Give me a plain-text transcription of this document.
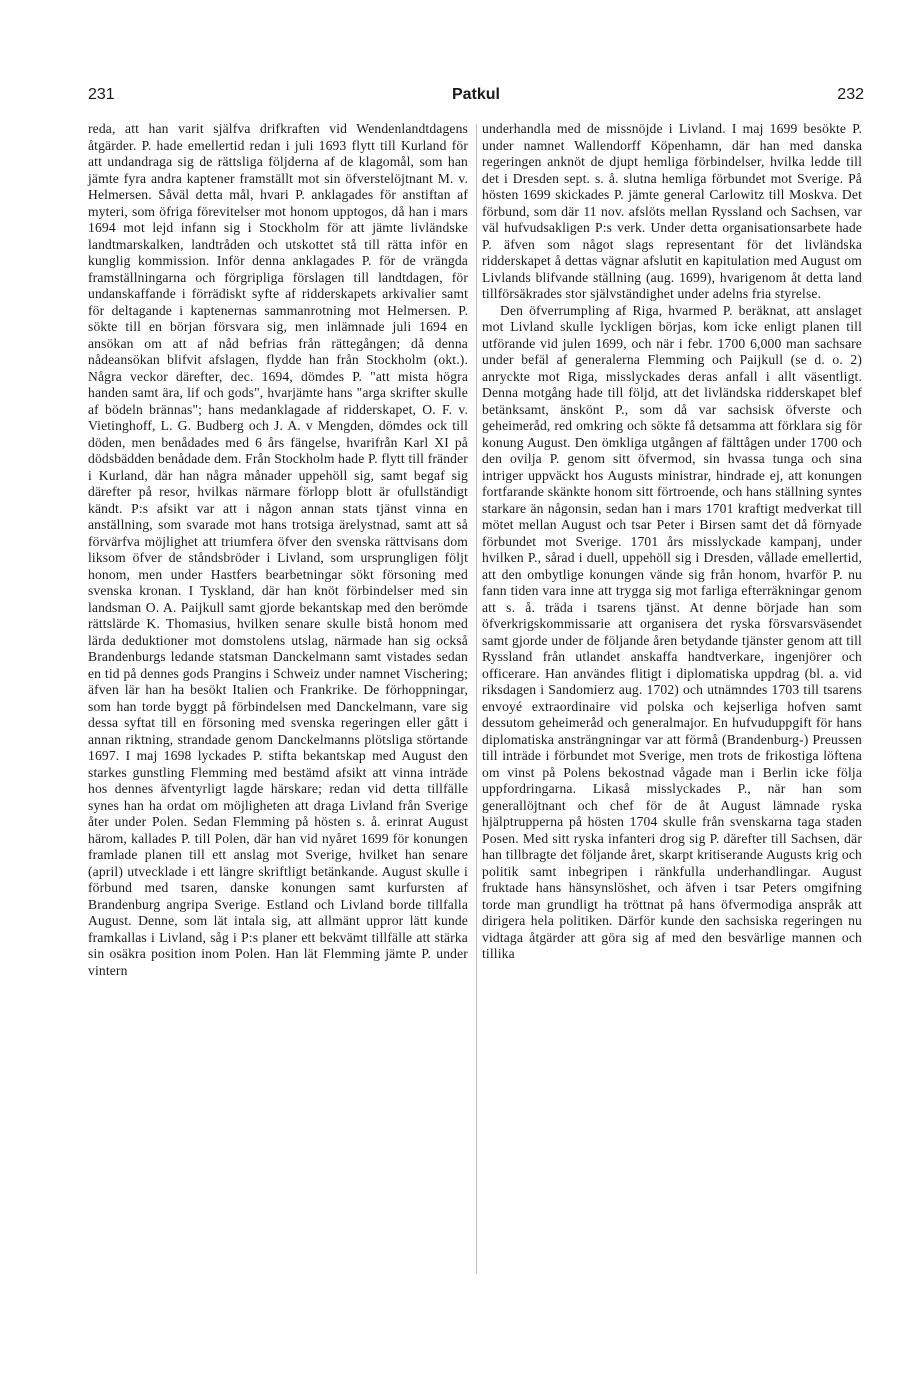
231	Patkul	232

reda, att han varit själfva drifkraften vid Wendenlandtdagens åtgärder. P. hade emellertid redan i juli 1693 flytt till Kurland för att undandraga sig de rättsliga följderna af de klagomål, som han jämte fyra andra kaptener framställt mot sin öfverstelöjtnant M. v. Helmersen. Såväl detta mål, hvari P. anklagades för anstiftan af myteri, som öfriga förevitelser mot honom upptogos, då han i mars 1694 mot lejd infann sig i Stockholm för att jämte livländske landtmarskalken, landtråden och utskottet stå till rätta inför en kunglig kommission. Inför denna anklagades P. för de vrängda framställningarna och förgripliga förslagen till landtdagen, för undanskaffande i förrädiskt syfte af ridderskapets arkivalier samt för deltagande i kaptenernas sammanrotning mot Helmersen. P. sökte till en början försvara sig, men inlämnade juli 1694 en ansökan om att af nåd befrias från rättegången; då denna nådeansökan blifvit afslagen, flydde han från Stockholm (okt.). Några veckor därefter, dec. 1694, dömdes P. "att mista högra handen samt ära, lif och gods", hvarjämte hans "arga skrifter skulle af bödeln brännas"; hans medanklagade af ridderskapet, O. F. v. Vietinghoff, L. G. Budberg och J. A. v Mengden, dömdes ock till döden, men benådades med 6 års fängelse, hvarifrån Karl XI på dödsbädden benådade dem. Från Stockholm hade P. flytt till fränder i Kurland, där han några månader uppehöll sig, samt begaf sig därefter på resor, hvilkas närmare förlopp blott är ofullständigt kändt. P:s afsikt var att i någon annan stats tjänst vinna en anställning, som svarade mot hans trotsiga ärelystnad, samt att så förvärfva möjlighet att triumfera öfver den svenska rättvisans dom liksom öfver de ståndsbröder i Livland, som ursprungligen följt honom, men under Hastfers bearbetningar sökt försoning med svenska kronan. I Tyskland, där han knöt förbindelser med sin landsman O. A. Paijkull samt gjorde bekantskap med den berömde rättslärde K. Thomasius, hvilken senare skulle bistå honom med lärda deduktioner mot domstolens utslag, närmade han sig också Brandenburgs ledande statsman Danckelmann samt vistades sedan en tid på dennes gods Prangins i Schweiz under namnet Vischering; äfven lär han ha besökt Italien och Frankrike. De förhoppningar, som han torde byggt på förbindelsen med Danckelmann, vare sig dessa syftat till en försoning med svenska regeringen eller gått i annan riktning, strandade genom Danckelmanns plötsliga störtande 1697. I maj 1698 lyckades P. stifta bekantskap med August den starkes gunstling Flemming med bestämd afsikt att vinna inträde hos dennes äfventyrligt lagde härskare; redan vid detta tillfälle synes han ha ordat om möjligheten att draga Livland från Sverige åter under Polen. Sedan Flemming på hösten s. å. erinrat August härom, kallades P. till Polen, där han vid nyåret 1699 för konungen framlade planen till ett anslag mot Sverige, hvilket han senare (april) utvecklade i ett längre skriftligt betänkande. August skulle i förbund med tsaren, danske konungen samt kurfursten af Brandenburg angripa Sverige. Estland och Livland borde tillfalla August. Denne, som lät intala sig, att allmänt uppror lätt kunde framkallas i Livland, såg i P:s planer ett bekvämt tillfälle att stärka sin osäkra position inom Polen. Han lät Flemming jämte P. under vintern

underhandla med de missnöjde i Livland. I maj 1699 besökte P. under namnet Wallendorff Köpenhamn, där han med danska regeringen anknöt de djupt hemliga förbindelser, hvilka ledde till det i Dresden sept. s. å. slutna hemliga förbundet mot Sverige. På hösten 1699 skickades P. jämte general Carlowitz till Moskva. Det förbund, som där 11 nov. afslöts mellan Ryssland och Sachsen, var väl hufvudsakligen P:s verk. Under detta organisationsarbete hade P. äfven som något slags representant för det livländska ridderskapet å dettas vägnar afslutit en kapitulation med August om Livlands blifvande ställning (aug. 1699), hvarigenom åt detta land tillförsäkrades stor självständighet under adelns fria styrelse.

Den öfverrumpling af Riga, hvarmed P. beräknat, att anslaget mot Livland skulle lyckligen börjas, kom icke enligt planen till utförande vid julen 1699, och när i febr. 1700 6,000 man sachsare under befäl af generalerna Flemming och Paijkull (se d. o. 2) anryckte mot Riga, misslyckades deras anfall i allt väsentligt. Denna motgång hade till följd, att det livländska ridderskapet blef betänksamt, änskönt P., som då var sachsisk öfverste och geheimeråd, red omkring och sökte få detsamma att förklara sig för konung August. Den ömkliga utgången af fälttågen under 1700 och den ovilja P. genom sitt öfvermod, sin hvassa tunga och sina intriger uppväckt hos Augusts ministrar, hindrade ej, att konungen fortfarande skänkte honom sitt förtroende, och hans ställning syntes starkare än någonsin, sedan han i mars 1701 kraftigt medverkat till mötet mellan August och tsar Peter i Birsen samt det då förnyade förbundet mot Sverige. 1701 års misslyckade kampanj, under hvilken P., sårad i duell, uppehöll sig i Dresden, vållade emellertid, att den ombytlige konungen vände sig från honom, hvarför P. nu fann tiden vara inne att trygga sig mot farliga efterräkningar genom att s. å. träda i tsarens tjänst. At denne började han som öfverkrigskommissarie att organisera det ryska försvarsväsendet samt gjorde under de följande åren betydande tjänster genom att till Ryssland från utlandet anskaffa handtverkare, ingenjörer och officerare. Han användes flitigt i diplomatiska uppdrag (bl. a. vid riksdagen i Sandomierz aug. 1702) och utnämndes 1703 till tsarens envoyé extraordinaire vid polska och kejserliga hofven samt dessutom geheimeråd och generalmajor. En hufvuduppgift för hans diplomatiska ansträngningar var att förmå (Brandenburg-) Preussen till inträde i förbundet mot Sverige, men trots de frikostiga löftena om vinst på Polens bekostnad vågade man i Berlin icke följa uppfordringarna. Likaså misslyckades P., när han som generallöjtnant och chef för de åt August lämnade ryska hjälptrupperna på hösten 1704 skulle från svenskarna taga staden Posen. Med sitt ryska infanteri drog sig P. därefter till Sachsen, där han tillbragte det följande året, skarpt kritiserande Augusts krig och politik samt inbegripen i ränkfulla underhandlingar. August fruktade hans hänsynslöshet, och äfven i tsar Peters omgifning torde man grundligt ha tröttnat på hans öfvermodiga anspråk att dirigera hela politiken. Därför kunde den sachsiska regeringen nu vidtaga åtgärder att göra sig af med den besvärlige mannen och tillika
